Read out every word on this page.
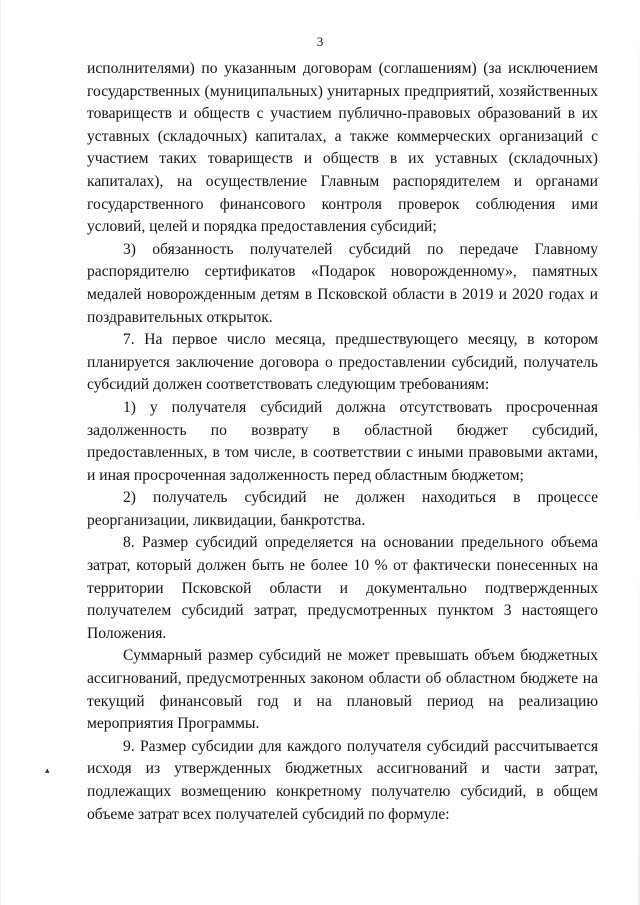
3

исполнителями) по указанным договорам (соглашениям) (за исключением государственных (муниципальных) унитарных предприятий, хозяйственных товариществ и обществ с участием публично-правовых образований в их уставных (складочных) капиталах, а также коммерческих организаций с участием таких товариществ и обществ в их уставных (складочных) капиталах), на осуществление Главным распорядителем и органами государственного финансового контроля проверок соблюдения ими условий, целей и порядка предоставления субсидий;

3) обязанность получателей субсидий по передаче Главному распорядителю сертификатов «Подарок новорожденному», памятных медалей новорожденным детям в Псковской области в 2019 и 2020 годах и поздравительных открыток.

7. На первое число месяца, предшествующего месяцу, в котором планируется заключение договора о предоставлении субсидий, получатель субсидий должен соответствовать следующим требованиям:

1) у получателя субсидий должна отсутствовать просроченная задолженность по возврату в областной бюджет субсидий, предоставленных, в том числе, в соответствии с иными правовыми актами, и иная просроченная задолженность перед областным бюджетом;

2) получатель субсидий не должен находиться в процессе реорганизации, ликвидации, банкротства.

8. Размер субсидий определяется на основании предельного объема затрат, который должен быть не более 10 % от фактически понесенных на территории Псковской области и документально подтвержденных получателем субсидий затрат, предусмотренных пунктом 3 настоящего Положения.

Суммарный размер субсидий не может превышать объем бюджетных ассигнований, предусмотренных законом области об областном бюджете на текущий финансовый год и на плановый период на реализацию мероприятия Программы.

9. Размер субсидии для каждого получателя субсидий рассчитывается исходя из утвержденных бюджетных ассигнований и части затрат, подлежащих возмещению конкретному получателю субсидий, в общем объеме затрат всех получателей субсидий по формуле:

▴
